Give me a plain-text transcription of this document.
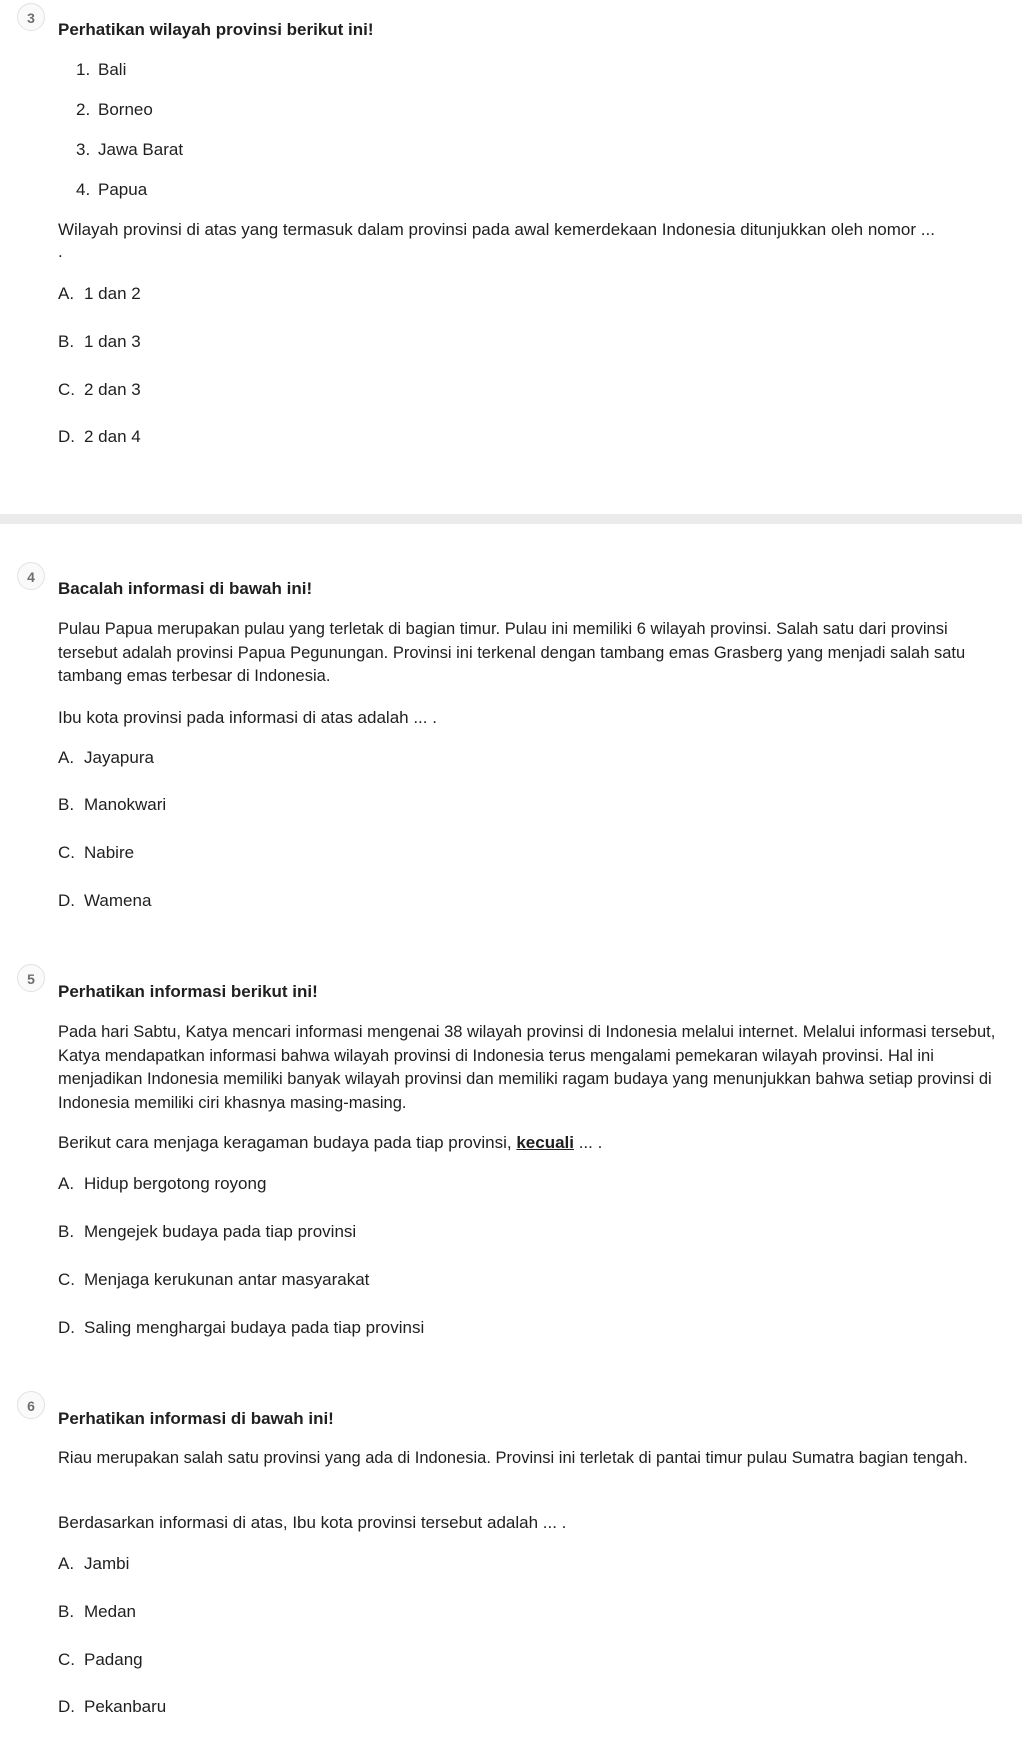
3
Perhatikan wilayah provinsi berikut ini!
1. Bali
2. Borneo
3. Jawa Barat
4. Papua
Wilayah provinsi di atas yang termasuk dalam provinsi pada awal kemerdekaan Indonesia ditunjukkan oleh nomor ...
.
A. 1 dan 2
B. 1 dan 3
C. 2 dan 3
D. 2 dan 4
4
Bacalah informasi di bawah ini!
Pulau Papua merupakan pulau yang terletak di bagian timur. Pulau ini memiliki 6 wilayah provinsi. Salah satu dari provinsi tersebut adalah provinsi Papua Pegunungan. Provinsi ini terkenal dengan tambang emas Grasberg yang menjadi salah satu tambang emas terbesar di Indonesia.
Ibu kota provinsi pada informasi di atas adalah ... .
A. Jayapura
B. Manokwari
C. Nabire
D. Wamena
5
Perhatikan informasi berikut ini!
Pada hari Sabtu, Katya mencari informasi mengenai 38 wilayah provinsi di Indonesia melalui internet. Melalui informasi tersebut, Katya mendapatkan informasi bahwa wilayah provinsi di Indonesia terus mengalami pemekaran wilayah provinsi. Hal ini menjadikan Indonesia memiliki banyak wilayah provinsi dan memiliki ragam budaya yang menunjukkan bahwa setiap provinsi di Indonesia memiliki ciri khasnya masing-masing.
Berikut cara menjaga keragaman budaya pada tiap provinsi, kecuali ... .
A. Hidup bergotong royong
B. Mengejek budaya pada tiap provinsi
C. Menjaga kerukunan antar masyarakat
D. Saling menghargai budaya pada tiap provinsi
6
Perhatikan informasi di bawah ini!
Riau merupakan salah satu provinsi yang ada di Indonesia. Provinsi ini terletak di pantai timur pulau Sumatra bagian tengah.
Berdasarkan informasi di atas, Ibu kota provinsi tersebut adalah ... .
A. Jambi
B. Medan
C. Padang
D. Pekanbaru
